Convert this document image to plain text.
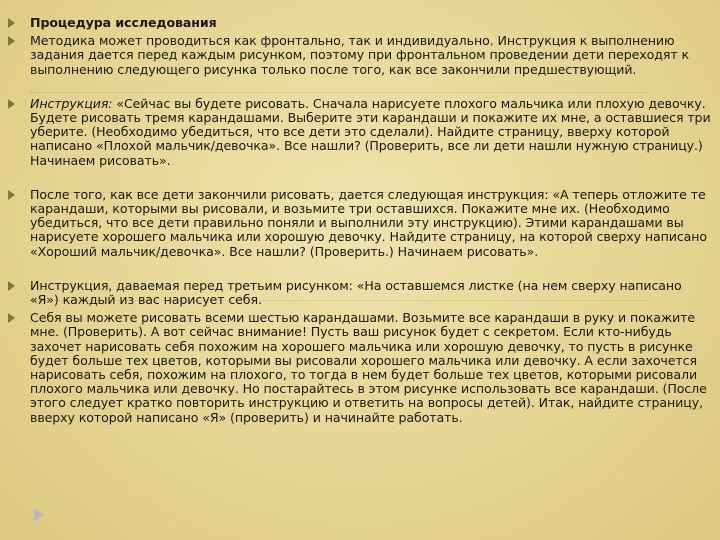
Процедура исследования
Методика может проводиться как фронтально, так и индивидуально. Инструкция к выполнению задания дается перед каждым рисунком, поэтому при фронтальном проведении дети переходят к выполнению следующего рисунка только после того, как все закончили предшествующий.
Инструкция: «Сейчас вы будете рисовать. Сначала нарисуете плохого мальчика или плохую девочку. Будете рисовать тремя карандашами. Выберите эти карандаши и покажите их мне, а оставшиеся три уберите. (Необходимо убедиться, что все дети это сделали). Найдите страницу, вверху которой написано «Плохой мальчик/девочка». Все нашли? (Проверить, все ли дети нашли нужную страницу.) Начинаем рисовать».
После того, как все дети закончили рисовать, дается следующая инструкция: «А теперь отложите те карандаши, которыми вы рисовали, и возьмите три оставшихся. Покажите мне их. (Необходимо убедиться, что все дети правильно поняли и выполнили эту инструкцию). Этими карандашами вы нарисуете хорошего мальчика или хорошую девочку. Найдите страницу, на которой сверху написано «Хороший мальчик/девочка». Все нашли? (Проверить.) Начинаем рисовать».
Инструкция, даваемая перед третьим рисунком: «На оставшемся листке (на нем сверху написано «Я») каждый из вас нарисует себя.
Себя вы можете рисовать всеми шестью карандашами. Возьмите все карандаши в руку и покажите мне. (Проверить). А вот сейчас внимание! Пусть ваш рисунок будет с секретом. Если кто-нибудь захочет нарисовать себя похожим на хорошего мальчика или хорошую девочку, то пусть в рисунке будет больше тех цветов, которыми вы рисовали хорошего мальчика или девочку. А если захочется нарисовать себя, похожим на плохого, то тогда в нем будет больше тех цветов, которыми рисовали плохого мальчика или девочку. Но постарайтесь в этом рисунке использовать все карандаши. (После этого следует кратко повторить инструкцию и ответить на вопросы детей). Итак, найдите страницу, вверху которой написано «Я» (проверить) и начинайте работать.
